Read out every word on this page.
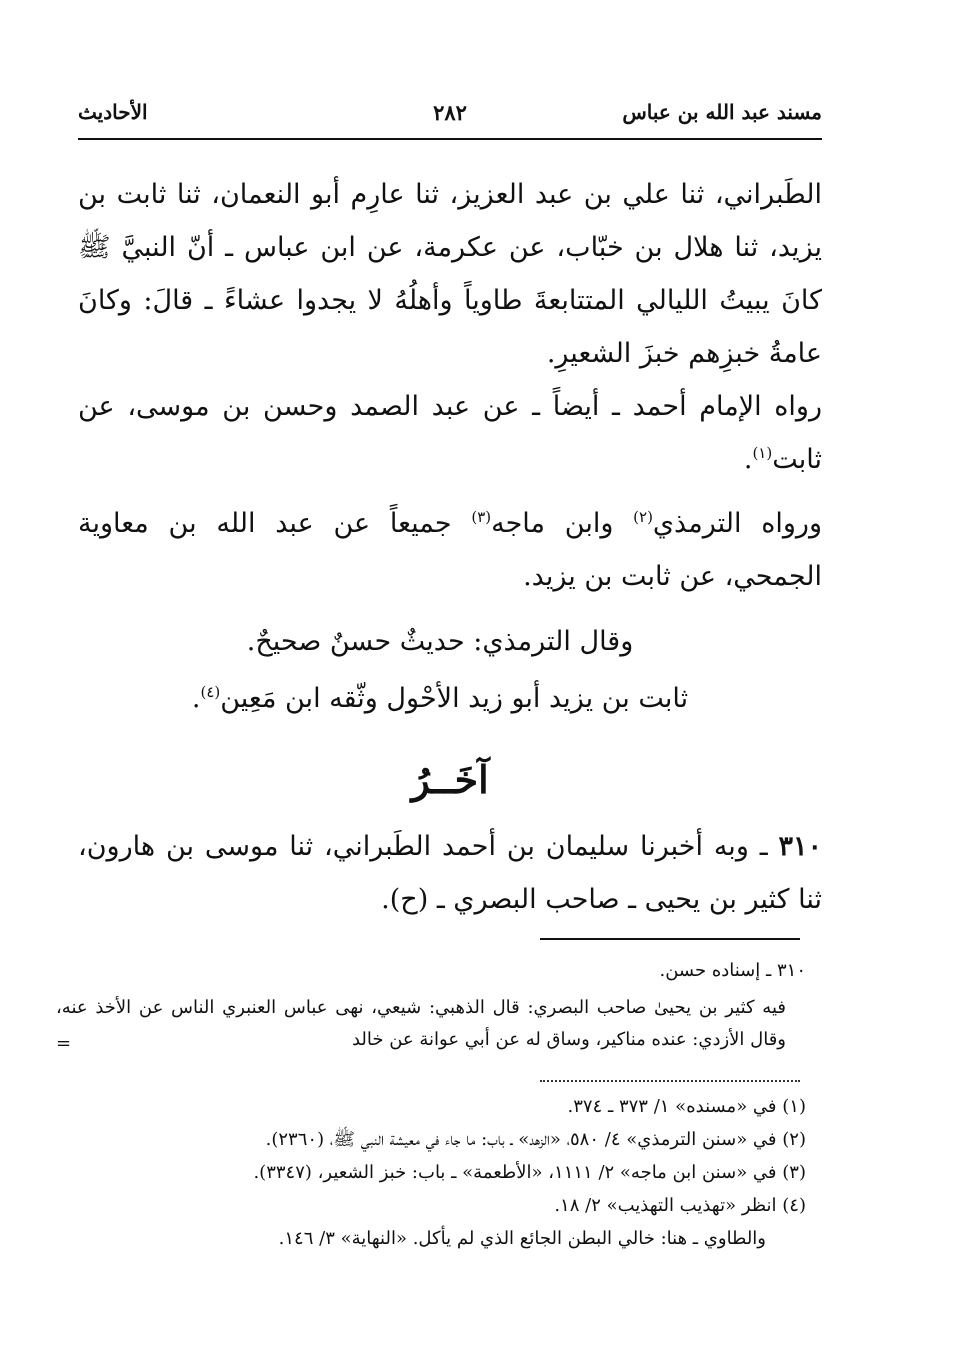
مسند عبد الله بن عباس
٢٨٢
الأحاديث
الطَبراني، ثنا علي بن عبد العزيز، ثنا عارِم أبو النعمان، ثنا ثابت بن يزيد، ثنا هلال بن خبّاب، عن عكرمة، عن ابن عباس ـ أنّ النبيَّ ﷺ كانَ يبيتُ الليالي المتتابعةَ طاوياً وأهلُهُ لا يجدوا عشاءً ـ قالَ: وكانَ عامةُ خبزِهم خبزَ الشعيرِ.
رواه الإمام أحمد ـ أيضاً ـ عن عبد الصمد وحسن بن موسى، عن ثابت$^{(١)}$.
ورواه الترمذي$^{(٢)}$ وابن ماجه$^{(٣)}$ جميعاً عن عبد الله بن معاوية الجمحي، عن ثابت بن يزيد.
وقال الترمذي: حديثٌ حسنٌ صحيحٌ.
ثابت بن يزيد أبو زيد الأحْول وثّقه ابن مَعِين$^{(٤)}$.
آخَــرُ
٣١٠ ـ وبه أخبرنا سليمان بن أحمد الطَبراني، ثنا موسى بن هارون، ثنا كثير بن يحيى ـ صاحب البصري ـ (ح).
٣١٠ ـ إسناده حسن.
فيه كثير بن يحيىٰ صاحب البصري: قال الذهبي: شيعي، نهى عباس العنبري الناس عن الأخذ عنه، وقال الأزدي: عنده مناكير، وساق له عن أبي عوانة عن خالد
=
(١) في «مسنده» ١/ ٣٧٣ ـ ٣٧٤.
(٢) في «سنن الترمذي» ٤/ ٥٨٠، «الزهد» ـ باب: ما جاء في معيشة النبي ﷺ، (٢٣٦٠).
(٣) في «سنن ابن ماجه» ٢/ ١١١١، «الأطعمة» ـ باب: خبز الشعير، (٣٣٤٧).
(٤) انظر «تهذيب التهذيب» ٢/ ١٨.
والطاوي ـ هنا: خالي البطن الجائع الذي لم يأكل. «النهاية» ٣/ ١٤٦.
